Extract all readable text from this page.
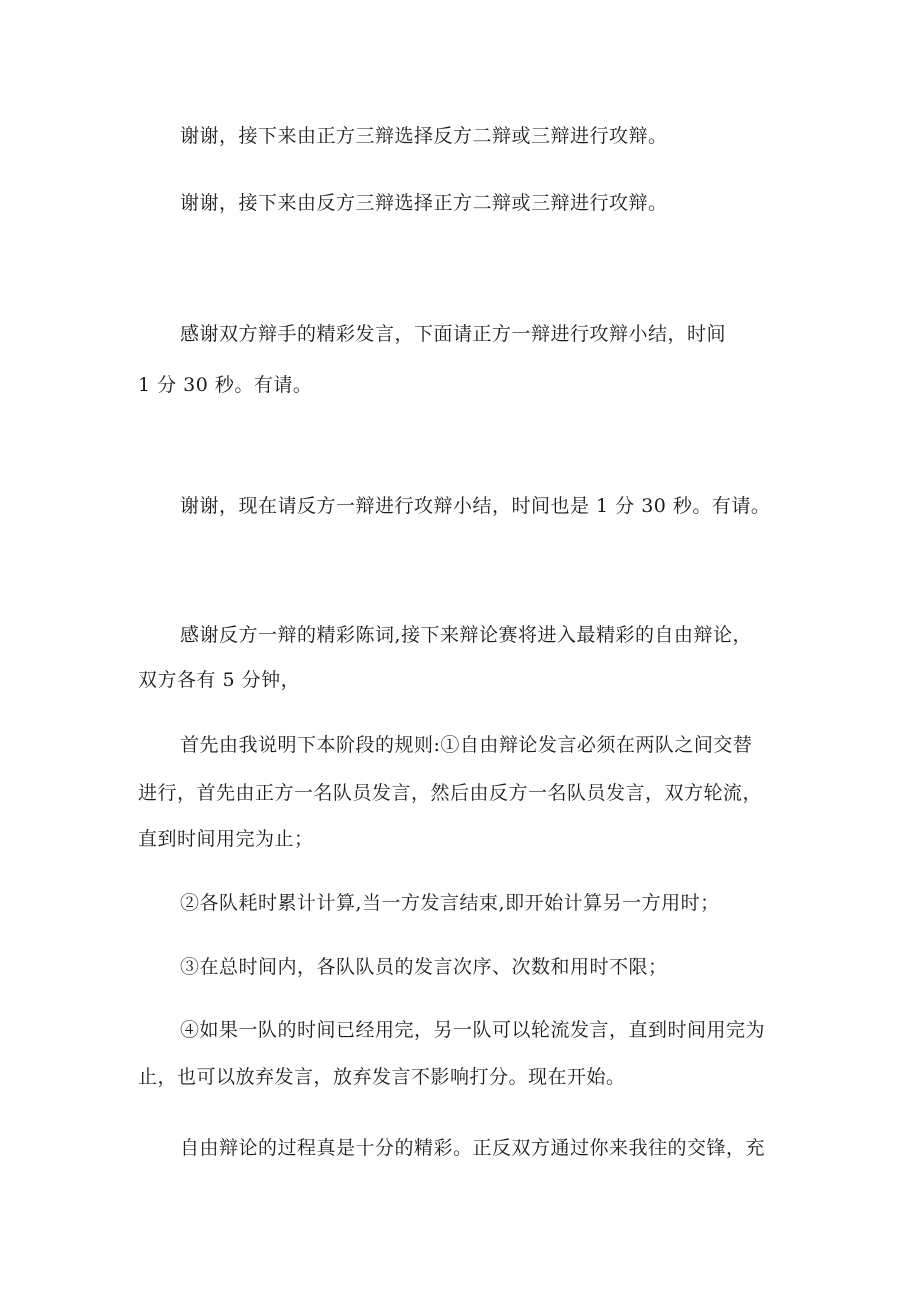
谢谢，接下来由正方三辩选择反方二辩或三辩进行攻辩。
谢谢，接下来由反方三辩选择正方二辩或三辩进行攻辩。
感谢双方辩手的精彩发言，下面请正方一辩进行攻辩小结，时间
1 分 30 秒。有请。
谢谢，现在请反方一辩进行攻辩小结，时间也是 1 分 30 秒。有请。
感谢反方一辩的精彩陈词,接下来辩论赛将进入最精彩的自由辩论，
双方各有 5 分钟，
首先由我说明下本阶段的规则:①自由辩论发言必须在两队之间交替
进行，首先由正方一名队员发言，然后由反方一名队员发言，双方轮流，
直到时间用完为止；
②各队耗时累计计算,当一方发言结束,即开始计算另一方用时；
③在总时间内，各队队员的发言次序、次数和用时不限；
④如果一队的时间已经用完，另一队可以轮流发言，直到时间用完为
止，也可以放弃发言，放弃发言不影响打分。现在开始。
自由辩论的过程真是十分的精彩。正反双方通过你来我往的交锋，充
